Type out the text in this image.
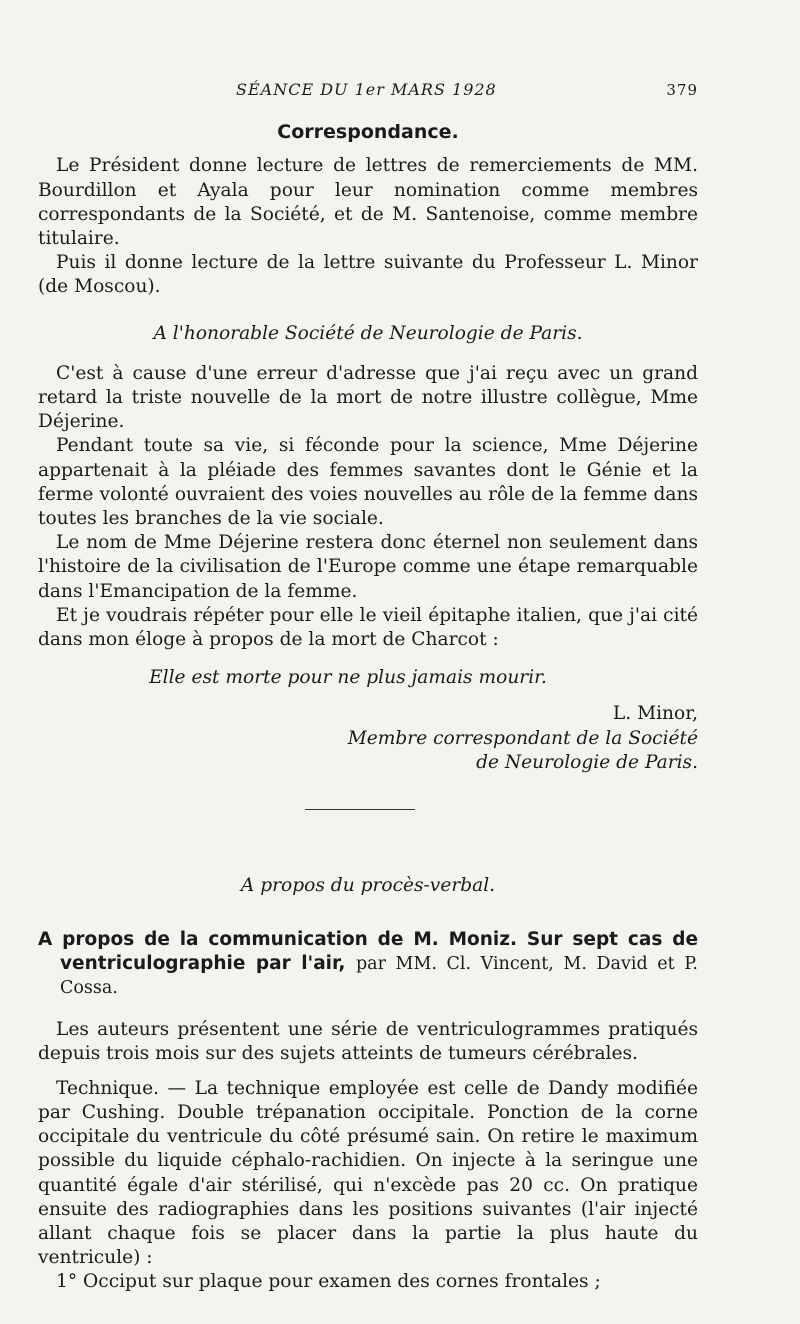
SÉANCE DU 1er MARS 1928	379
Correspondance.

Le Président donne lecture de lettres de remerciements de MM. Bourdillon et Ayala pour leur nomination comme membres correspondants de la Société, et de M. Santenoise, comme membre titulaire.

Puis il donne lecture de la lettre suivante du Professeur L. Minor (de Moscou).

A l'honorable Société de Neurologie de Paris.

C'est à cause d'une erreur d'adresse que j'ai reçu avec un grand retard la triste nouvelle de la mort de notre illustre collègue, Mme Déjerine.

Pendant toute sa vie, si féconde pour la science, Mme Déjerine appartenait à la pléiade des femmes savantes dont le Génie et la ferme volonté ouvraient des voies nouvelles au rôle de la femme dans toutes les branches de la vie sociale.

Le nom de Mme Déjerine restera donc éternel non seulement dans l'histoire de la civilisation de l'Europe comme une étape remarquable dans l'Emancipation de la femme.

Et je voudrais répéter pour elle le vieil épitaphe italien, que j'ai cité dans mon éloge à propos de la mort de Charcot :

Elle est morte pour ne plus jamais mourir.
L. Minor,
Membre correspondant de la Société
de Neurologie de Paris.
A propos du procès-verbal.
A propos de la communication de M. Moniz. Sur sept cas de ventriculographie par l'air, par MM. Cl. Vincent, M. David et P. Cossa.

Les auteurs présentent une série de ventriculogrammes pratiqués depuis trois mois sur des sujets atteints de tumeurs cérébrales.

Technique. — La technique employée est celle de Dandy modifiée par Cushing. Double trépanation occipitale. Ponction de la corne occipitale du ventricule du côté présumé sain. On retire le maximum possible du liquide céphalo-rachidien. On injecte à la seringue une quantité égale d'air stérilisé, qui n'excède pas 20 cc. On pratique ensuite des radiographies dans les positions suivantes (l'air injecté allant chaque fois se placer dans la partie la plus haute du ventricule) :

1° Occiput sur plaque pour examen des cornes frontales ;
